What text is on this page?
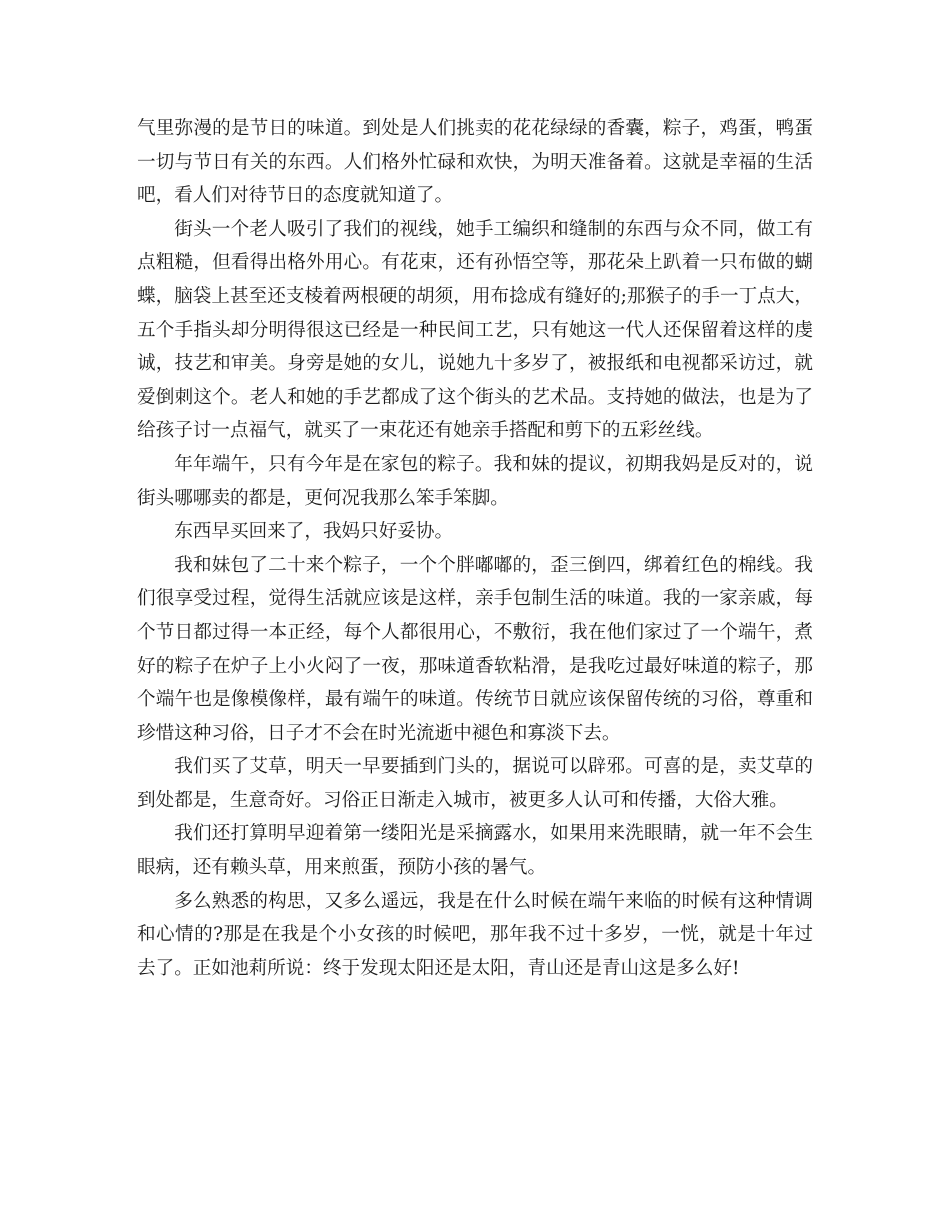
气里弥漫的是节日的味道。到处是人们挑卖的花花绿绿的香囊，粽子，鸡蛋，鸭蛋一切与节日有关的东西。人们格外忙碌和欢快，为明天准备着。这就是幸福的生活吧，看人们对待节日的态度就知道了。

街头一个老人吸引了我们的视线，她手工编织和缝制的东西与众不同，做工有点粗糙，但看得出格外用心。有花束，还有孙悟空等，那花朵上趴着一只布做的蝴蝶，脑袋上甚至还支棱着两根硬的胡须，用布捻成有缝好的;那猴子的手一丁点大，五个手指头却分明得很这已经是一种民间工艺，只有她这一代人还保留着这样的虔诚，技艺和审美。身旁是她的女儿，说她九十多岁了，被报纸和电视都采访过，就爱倒刺这个。老人和她的手艺都成了这个街头的艺术品。支持她的做法，也是为了给孩子讨一点福气，就买了一束花还有她亲手搭配和剪下的五彩丝线。

年年端午，只有今年是在家包的粽子。我和妹的提议，初期我妈是反对的，说街头哪哪卖的都是，更何况我那么笨手笨脚。

东西早买回来了，我妈只好妥协。

我和妹包了二十来个粽子，一个个胖嘟嘟的，歪三倒四，绑着红色的棉线。我们很享受过程，觉得生活就应该是这样，亲手包制生活的味道。我的一家亲戚，每个节日都过得一本正经，每个人都很用心，不敷衍，我在他们家过了一个端午，煮好的粽子在炉子上小火闷了一夜，那味道香软粘滑，是我吃过最好味道的粽子，那个端午也是像模像样，最有端午的味道。传统节日就应该保留传统的习俗，尊重和珍惜这种习俗，日子才不会在时光流逝中褪色和寡淡下去。

我们买了艾草，明天一早要插到门头的，据说可以辟邪。可喜的是，卖艾草的到处都是，生意奇好。习俗正日渐走入城市，被更多人认可和传播，大俗大雅。

我们还打算明早迎着第一缕阳光是采摘露水，如果用来洗眼睛，就一年不会生眼病，还有赖头草，用来煎蛋，预防小孩的暑气。

多么熟悉的构思，又多么遥远，我是在什么时候在端午来临的时候有这种情调和心情的?那是在我是个小女孩的时候吧，那年我不过十多岁，一恍，就是十年过去了。正如池莉所说：终于发现太阳还是太阳，青山还是青山这是多么好!
